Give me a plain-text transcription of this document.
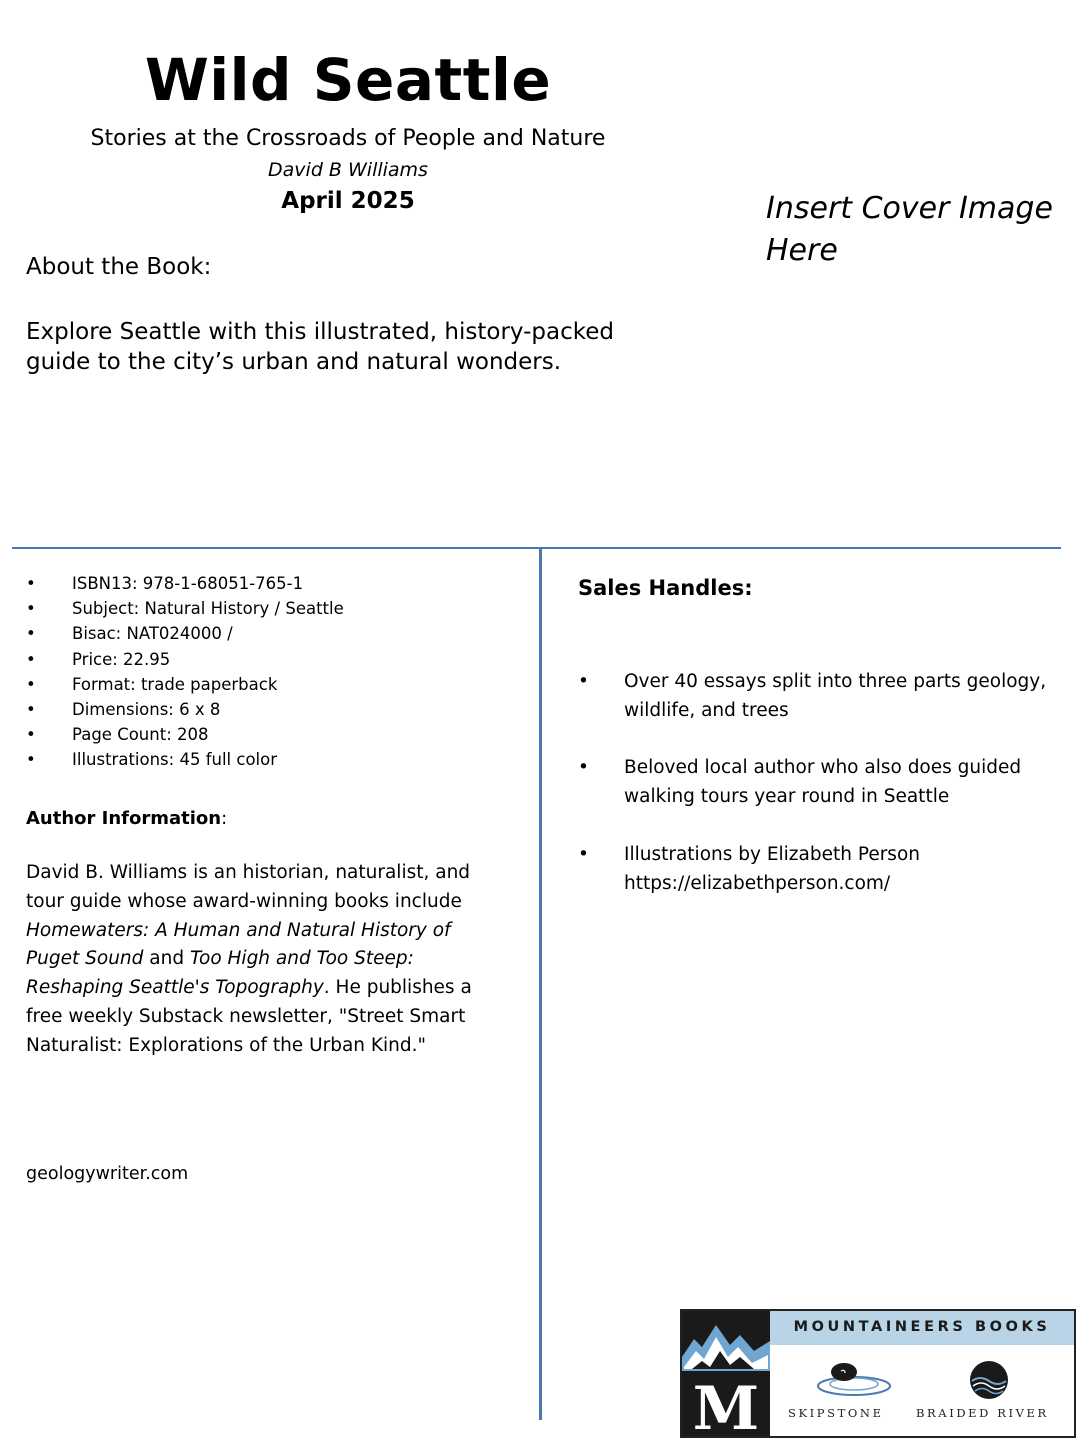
Wild Seattle
Stories at the Crossroads of People and Nature
David B Williams
April 2025	Insert Cover Image Here
About the Book:
Explore Seattle with this illustrated, history-packed guide to the city’s urban and natural wonders.
• ISBN13: 978-1-68051-765-1
• Subject: Natural History / Seattle
• Bisac: NAT024000 /
• Price: 22.95
• Format: trade paperback
• Dimensions: 6 x 8
• Page Count: 208
• Illustrations: 45 full color
Author Information:
David B. Williams is an historian, naturalist, and tour guide whose award-winning books include Homewaters: A Human and Natural History of Puget Sound and Too High and Too Steep: Reshaping Seattle's Topography. He publishes a free weekly Substack newsletter, "Street Smart Naturalist: Explorations of the Urban Kind."
geologywriter.com
Sales Handles:
• Over 40 essays split into three parts geology, wildlife, and trees
• Beloved local author who also does guided walking tours year round in Seattle
• Illustrations by Elizabeth Person https://elizabethperson.com/
M
MOUNTAINEERS BOOKS
SKIPSTONE	BRAIDED RIVER
